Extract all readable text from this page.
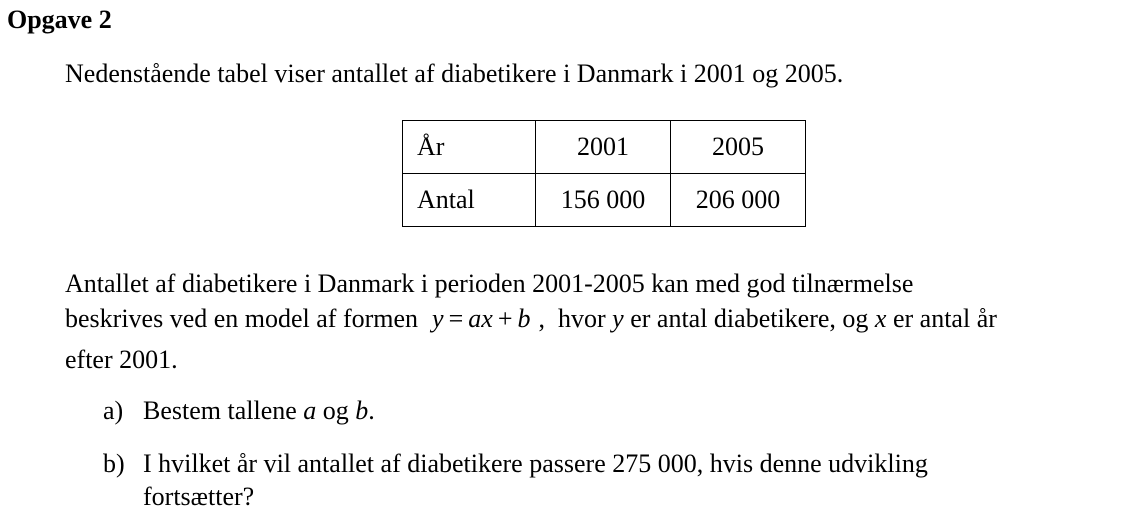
Opgave 2
Nedenstående tabel viser antallet af diabetikere i Danmark i 2001 og 2005.
År	2001	2005
Antal	156 000	206 000
Antallet af diabetikere i Danmark i perioden 2001-2005 kan med god tilnærmelse
beskrives ved en model af formen y = ax + b , hvor y er antal diabetikere, og x er antal år
efter 2001.
a) Bestem tallene a og b.
b) I hvilket år vil antallet af diabetikere passere 275 000, hvis denne udvikling
fortsætter?
